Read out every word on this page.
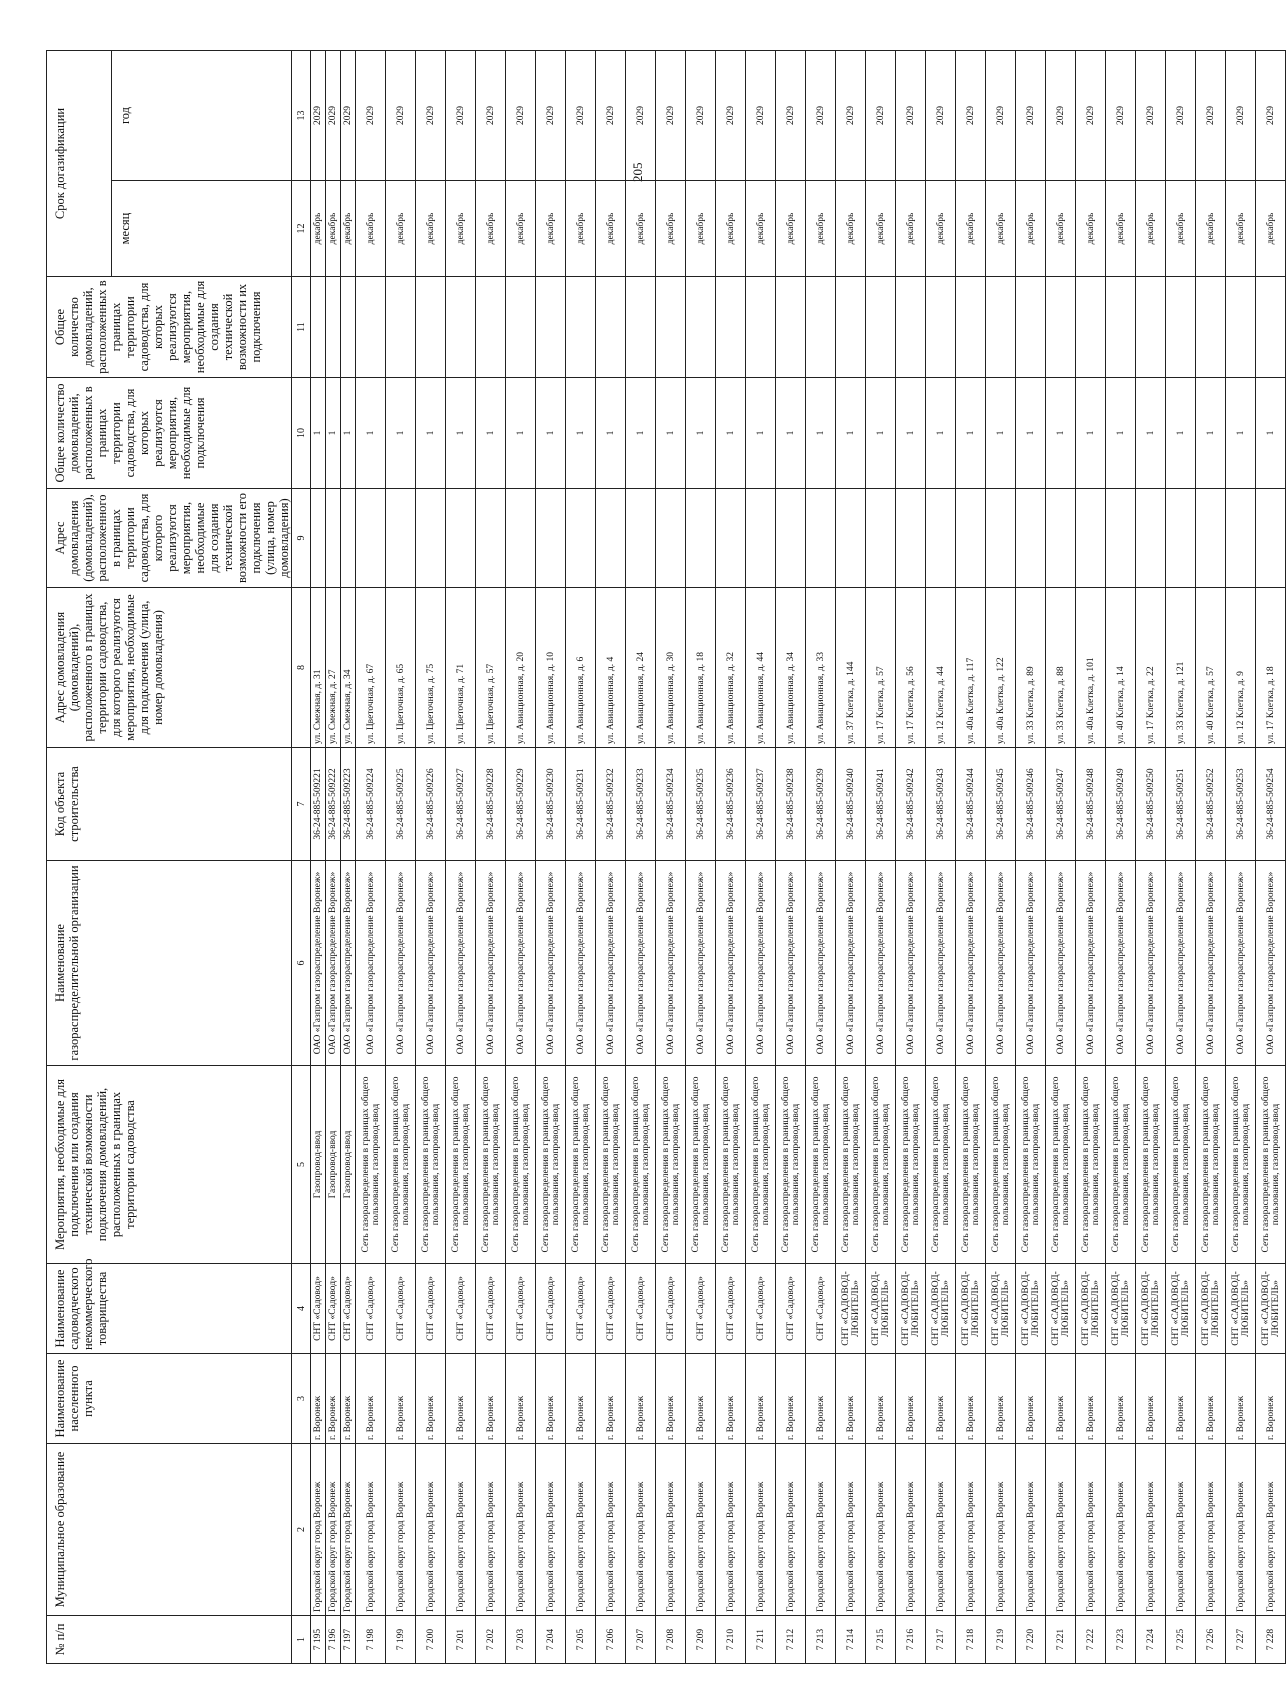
205
№ п/п	Муниципальное образование	Наименование населенного пункта	Наименование садоводческого некоммерческого товарищества	Мероприятия, необходимые для подключения или создания технической возможности подключения домовладений, расположенных в границах территории садоводства	Наименование газораспределительной организации	Код объекта строительства	Адрес домовладения (домовладений), расположенного в границах территории садоводства, для которого реализуются мероприятия, необходимые для подключения (улица, номер домовладения)	Адрес домовладения (домовладений), расположенного в границах территории садоводства, для которого реализуются мероприятия, необходимые для создания технической возможности его подключения (улица, номер домовладения)	Общее количество домовладений, расположенных в границах территории садоводства, для которых реализуются мероприятия, необходимые для подключения	Общее количество домовладений, расположенных в границах территории садоводства, для которых реализуются мероприятия, необходимые для создания технической возможности их подключения	Срок догазификации	
											месяц	год
1	2	3	4	5	6	7	8	9	10	11	12	13
7 195	Городской округ город Воронеж	г. Воронеж	СНТ «Садовод»	Газопровод-ввод	ОАО «Газпром газораспределение Воронеж»	36-24-885-509221	ул. Смежная, д. 31		1		декабрь	2029
7 196	Городской округ город Воронеж	г. Воронеж	СНТ «Садовод»	Газопровод-ввод	ОАО «Газпром газораспределение Воронеж»	36-24-885-509222	ул. Смежная, д. 27		1		декабрь	2029
7 197	Городской округ город Воронеж	г. Воронеж	СНТ «Садовод»	Газопровод-ввод	ОАО «Газпром газораспределение Воронеж»	36-24-885-509223	ул. Смежная, д. 34		1		декабрь	2029
7 198	Городской округ город Воронеж	г. Воронеж	СНТ «Садовод»	Сеть газораспределения в границах общего пользования, газопровод-ввод	ОАО «Газпром газораспределение Воронеж»	36-24-885-509224	ул. Цветочная, д. 67		1		декабрь	2029
7 199	Городской округ город Воронеж	г. Воронеж	СНТ «Садовод»	Сеть газораспределения в границах общего пользования, газопровод-ввод	ОАО «Газпром газораспределение Воронеж»	36-24-885-509225	ул. Цветочная, д. 65		1		декабрь	2029
7 200	Городской округ город Воронеж	г. Воронеж	СНТ «Садовод»	Сеть газораспределения в границах общего пользования, газопровод-ввод	ОАО «Газпром газораспределение Воронеж»	36-24-885-509226	ул. Цветочная, д. 75		1		декабрь	2029
7 201	Городской округ город Воронеж	г. Воронеж	СНТ «Садовод»	Сеть газораспределения в границах общего пользования, газопровод-ввод	ОАО «Газпром газораспределение Воронеж»	36-24-885-509227	ул. Цветочная, д. 71		1		декабрь	2029
7 202	Городской округ город Воронеж	г. Воронеж	СНТ «Садовод»	Сеть газораспределения в границах общего пользования, газопровод-ввод	ОАО «Газпром газораспределение Воронеж»	36-24-885-509228	ул. Цветочная, д. 57		1		декабрь	2029
7 203	Городской округ город Воронеж	г. Воронеж	СНТ «Садовод»	Сеть газораспределения в границах общего пользования, газопровод-ввод	ОАО «Газпром газораспределение Воронеж»	36-24-885-509229	ул. Авиационная, д. 20		1		декабрь	2029
7 204	Городской округ город Воронеж	г. Воронеж	СНТ «Садовод»	Сеть газораспределения в границах общего пользования, газопровод-ввод	ОАО «Газпром газораспределение Воронеж»	36-24-885-509230	ул. Авиационная, д. 10		1		декабрь	2029
7 205	Городской округ город Воронеж	г. Воронеж	СНТ «Садовод»	Сеть газораспределения в границах общего пользования, газопровод-ввод	ОАО «Газпром газораспределение Воронеж»	36-24-885-509231	ул. Авиационная, д. 6		1		декабрь	2029
7 206	Городской округ город Воронеж	г. Воронеж	СНТ «Садовод»	Сеть газораспределения в границах общего пользования, газопровод-ввод	ОАО «Газпром газораспределение Воронеж»	36-24-885-509232	ул. Авиационная, д. 4		1		декабрь	2029
7 207	Городской округ город Воронеж	г. Воронеж	СНТ «Садовод»	Сеть газораспределения в границах общего пользования, газопровод-ввод	ОАО «Газпром газораспределение Воронеж»	36-24-885-509233	ул. Авиационная, д. 24		1		декабрь	2029
7 208	Городской округ город Воронеж	г. Воронеж	СНТ «Садовод»	Сеть газораспределения в границах общего пользования, газопровод-ввод	ОАО «Газпром газораспределение Воронеж»	36-24-885-509234	ул. Авиационная, д. 30		1		декабрь	2029
7 209	Городской округ город Воронеж	г. Воронеж	СНТ «Садовод»	Сеть газораспределения в границах общего пользования, газопровод-ввод	ОАО «Газпром газораспределение Воронеж»	36-24-885-509235	ул. Авиационная, д. 18		1		декабрь	2029
7 210	Городской округ город Воронеж	г. Воронеж	СНТ «Садовод»	Сеть газораспределения в границах общего пользования, газопровод-ввод	ОАО «Газпром газораспределение Воронеж»	36-24-885-509236	ул. Авиационная, д. 32		1		декабрь	2029
7 211	Городской округ город Воронеж	г. Воронеж	СНТ «Садовод»	Сеть газораспределения в границах общего пользования, газопровод-ввод	ОАО «Газпром газораспределение Воронеж»	36-24-885-509237	ул. Авиационная, д. 44		1		декабрь	2029
7 212	Городской округ город Воронеж	г. Воронеж	СНТ «Садовод»	Сеть газораспределения в границах общего пользования, газопровод-ввод	ОАО «Газпром газораспределение Воронеж»	36-24-885-509238	ул. Авиационная, д. 34		1		декабрь	2029
7 213	Городской округ город Воронеж	г. Воронеж	СНТ «Садовод»	Сеть газораспределения в границах общего пользования, газопровод-ввод	ОАО «Газпром газораспределение Воронеж»	36-24-885-509239	ул. Авиационная, д. 33		1		декабрь	2029
7 214	Городской округ город Воронеж	г. Воронеж	СНТ «САДОВОД-ЛЮБИТЕЛЬ»	Сеть газораспределения в границах общего пользования, газопровод-ввод	ОАО «Газпром газораспределение Воронеж»	36-24-885-509240	ул. 37 Клетка, д. 144		1		декабрь	2029
7 215	Городской округ город Воронеж	г. Воронеж	СНТ «САДОВОД-ЛЮБИТЕЛЬ»	Сеть газораспределения в границах общего пользования, газопровод-ввод	ОАО «Газпром газораспределение Воронеж»	36-24-885-509241	ул. 17 Клетка, д. 57		1		декабрь	2029
7 216	Городской округ город Воронеж	г. Воронеж	СНТ «САДОВОД-ЛЮБИТЕЛЬ»	Сеть газораспределения в границах общего пользования, газопровод-ввод	ОАО «Газпром газораспределение Воронеж»	36-24-885-509242	ул. 17 Клетка, д. 56		1		декабрь	2029
7 217	Городской округ город Воронеж	г. Воронеж	СНТ «САДОВОД-ЛЮБИТЕЛЬ»	Сеть газораспределения в границах общего пользования, газопровод-ввод	ОАО «Газпром газораспределение Воронеж»	36-24-885-509243	ул. 12 Клетка, д. 44		1		декабрь	2029
7 218	Городской округ город Воронеж	г. Воронеж	СНТ «САДОВОД-ЛЮБИТЕЛЬ»	Сеть газораспределения в границах общего пользования, газопровод-ввод	ОАО «Газпром газораспределение Воронеж»	36-24-885-509244	ул. 40а Клетка, д. 117		1		декабрь	2029
7 219	Городской округ город Воронеж	г. Воронеж	СНТ «САДОВОД-ЛЮБИТЕЛЬ»	Сеть газораспределения в границах общего пользования, газопровод-ввод	ОАО «Газпром газораспределение Воронеж»	36-24-885-509245	ул. 40а Клетка, д. 122		1		декабрь	2029
7 220	Городской округ город Воронеж	г. Воронеж	СНТ «САДОВОД-ЛЮБИТЕЛЬ»	Сеть газораспределения в границах общего пользования, газопровод-ввод	ОАО «Газпром газораспределение Воронеж»	36-24-885-509246	ул. 33 Клетка, д. 89		1		декабрь	2029
7 221	Городской округ город Воронеж	г. Воронеж	СНТ «САДОВОД-ЛЮБИТЕЛЬ»	Сеть газораспределения в границах общего пользования, газопровод-ввод	ОАО «Газпром газораспределение Воронеж»	36-24-885-509247	ул. 33 Клетка, д. 88		1		декабрь	2029
7 222	Городской округ город Воронеж	г. Воронеж	СНТ «САДОВОД-ЛЮБИТЕЛЬ»	Сеть газораспределения в границах общего пользования, газопровод-ввод	ОАО «Газпром газораспределение Воронеж»	36-24-885-509248	ул. 40а Клетка, д. 101		1		декабрь	2029
7 223	Городской округ город Воронеж	г. Воронеж	СНТ «САДОВОД-ЛЮБИТЕЛЬ»	Сеть газораспределения в границах общего пользования, газопровод-ввод	ОАО «Газпром газораспределение Воронеж»	36-24-885-509249	ул. 40 Клетка, д. 14		1		декабрь	2029
7 224	Городской округ город Воронеж	г. Воронеж	СНТ «САДОВОД-ЛЮБИТЕЛЬ»	Сеть газораспределения в границах общего пользования, газопровод-ввод	ОАО «Газпром газораспределение Воронеж»	36-24-885-509250	ул. 17 Клетка, д. 22		1		декабрь	2029
7 225	Городской округ город Воронеж	г. Воронеж	СНТ «САДОВОД-ЛЮБИТЕЛЬ»	Сеть газораспределения в границах общего пользования, газопровод-ввод	ОАО «Газпром газораспределение Воронеж»	36-24-885-509251	ул. 33 Клетка, д. 121		1		декабрь	2029
7 226	Городской округ город Воронеж	г. Воронеж	СНТ «САДОВОД-ЛЮБИТЕЛЬ»	Сеть газораспределения в границах общего пользования, газопровод-ввод	ОАО «Газпром газораспределение Воронеж»	36-24-885-509252	ул. 40 Клетка, д. 57		1		декабрь	2029
7 227	Городской округ город Воронеж	г. Воронеж	СНТ «САДОВОД-ЛЮБИТЕЛЬ»	Сеть газораспределения в границах общего пользования, газопровод-ввод	ОАО «Газпром газораспределение Воронеж»	36-24-885-509253	ул. 12 Клетка, д. 9		1		декабрь	2029
7 228	Городской округ город Воронеж	г. Воронеж	СНТ «САДОВОД-ЛЮБИТЕЛЬ»	Сеть газораспределения в границах общего пользования, газопровод-ввод	ОАО «Газпром газораспределение Воронеж»	36-24-885-509254	ул. 17 Клетка, д. 18		1		декабрь	2029
